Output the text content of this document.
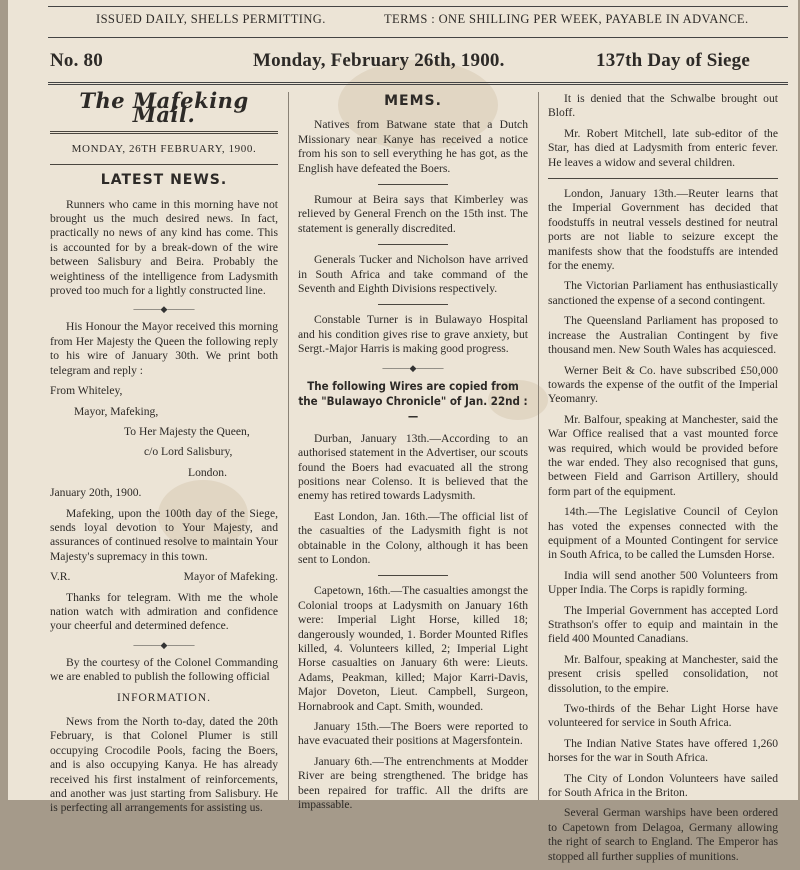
ISSUED DAILY, SHELLS PERMITTING.	TERMS : ONE SHILLING PER WEEK, PAYABLE IN ADVANCE.
No. 80	Monday, February 26th, 1900.	137th Day of Siege
The Mafeking Mail.
MONDAY, 26TH FEBRUARY, 1900.
LATEST NEWS.

Runners who came in this morning have not brought us the much desired news. In fact, practically no news of any kind has come. This is accounted for by a break-down of the wire between Salisbury and Beira. Probably the weightiness of the intelligence from Ladysmith proved too much for a lightly constructed line.

———◆———

His Honour the Mayor received this morning from Her Majesty the Queen the following reply to his wire of January 30th. We print both telegram and reply :

From Whiteley,

Mayor, Mafeking,

To Her Majesty the Queen,

c/o Lord Salisbury,

London.

January 20th, 1900.

Mafeking, upon the 100th day of the Siege, sends loyal devotion to Your Majesty, and assurances of continued resolve to maintain Your Majesty's supremacy in this town.

V.R.	Mayor of Mafeking.

Thanks for telegram. With me the whole nation watch with admiration and confidence your cheerful and determined defence.

———◆———

By the courtesy of the Colonel Commanding we are enabled to publish the following official

INFORMATION.

News from the North to-day, dated the 20th February, is that Colonel Plumer is still occupying Crocodile Pools, facing the Boers, and is also occupying Kanya. He has already received his first instalment of reinforcements, and another was just starting from Salisbury. He is perfecting all arrangements for assisting us.

MEMS.

Natives from Batwane state that a Dutch Missionary near Kanye has received a notice from his son to sell everything he has got, as the English have defeated the Boers.

Rumour at Beira says that Kimberley was relieved by General French on the 15th inst. The statement is generally discredited.

Generals Tucker and Nicholson have arrived in South Africa and take command of the Seventh and Eighth Divisions respectively.

Constable Turner is in Bulawayo Hospital and his condition gives rise to grave anxiety, but Sergt.-Major Harris is making good progress.

———◆———
The following Wires are copied from the "Bulawayo Chronicle" of Jan. 22nd :—

Durban, January 13th.—According to an authorised statement in the Advertiser, our scouts found the Boers had evacuated all the strong positions near Colenso. It is believed that the enemy has retired towards Ladysmith.

East London, Jan. 16th.—The official list of the casualties of the Ladysmith fight is not obtainable in the Colony, although it has been sent to London.

Capetown, 16th.—The casualties amongst the Colonial troops at Ladysmith on January 16th were: Imperial Light Horse, killed 18; dangerously wounded, 1. Border Mounted Rifles killed, 4. Volunteers killed, 2; Imperial Light Horse casualties on January 6th were: Lieuts. Adams, Peakman, killed; Major Karri-Davis, Major Doveton, Lieut. Campbell, Surgeon, Hornabrook and Capt. Smith, wounded.

January 15th.—The Boers were reported to have evacuated their positions at Magersfontein.

January 6th.—The entrenchments at Modder River are being strengthened. The bridge has been repaired for traffic. All the drifts are impassable.

It is denied that the Schwalbe brought out Bloff.

Mr. Robert Mitchell, late sub-editor of the Star, has died at Ladysmith from enteric fever. He leaves a widow and several children.

London, January 13th.—Reuter learns that the Imperial Government has decided that foodstuffs in neutral vessels destined for neutral ports are not liable to seizure except the manifests show that the foodstuffs are intended for the enemy.

The Victorian Parliament has enthusiastically sanctioned the expense of a second contingent.

The Queensland Parliament has proposed to increase the Australian Contingent by five thousand men. New South Wales has acquiesced.

Werner Beit & Co. have subscribed £50,000 towards the expense of the outfit of the Imperial Yeomanry.

Mr. Balfour, speaking at Manchester, said the War Office realised that a vast mounted force was required, which would be provided before the war ended. They also recognised that guns, between Field and Garrison Artillery, should form part of the equipment.

14th.—The Legislative Council of Ceylon has voted the expenses connected with the equipment of a Mounted Contingent for service in South Africa, to be called the Lumsden Horse.

India will send another 500 Volunteers from Upper India. The Corps is rapidly forming.

The Imperial Government has accepted Lord Strathson's offer to equip and maintain in the field 400 Mounted Canadians.

Mr. Balfour, speaking at Manchester, said the present crisis spelled consolidation, not dissolution, to the empire.

Two-thirds of the Behar Light Horse have volunteered for service in South Africa.

The Indian Native States have offered 1,260 horses for the war in South Africa.

The City of London Volunteers have sailed for South Africa in the Briton.

Several German warships have been ordered to Capetown from Delagoa, Germany allowing the right of search to England. The Emperor has stopped all further supplies of munitions.
